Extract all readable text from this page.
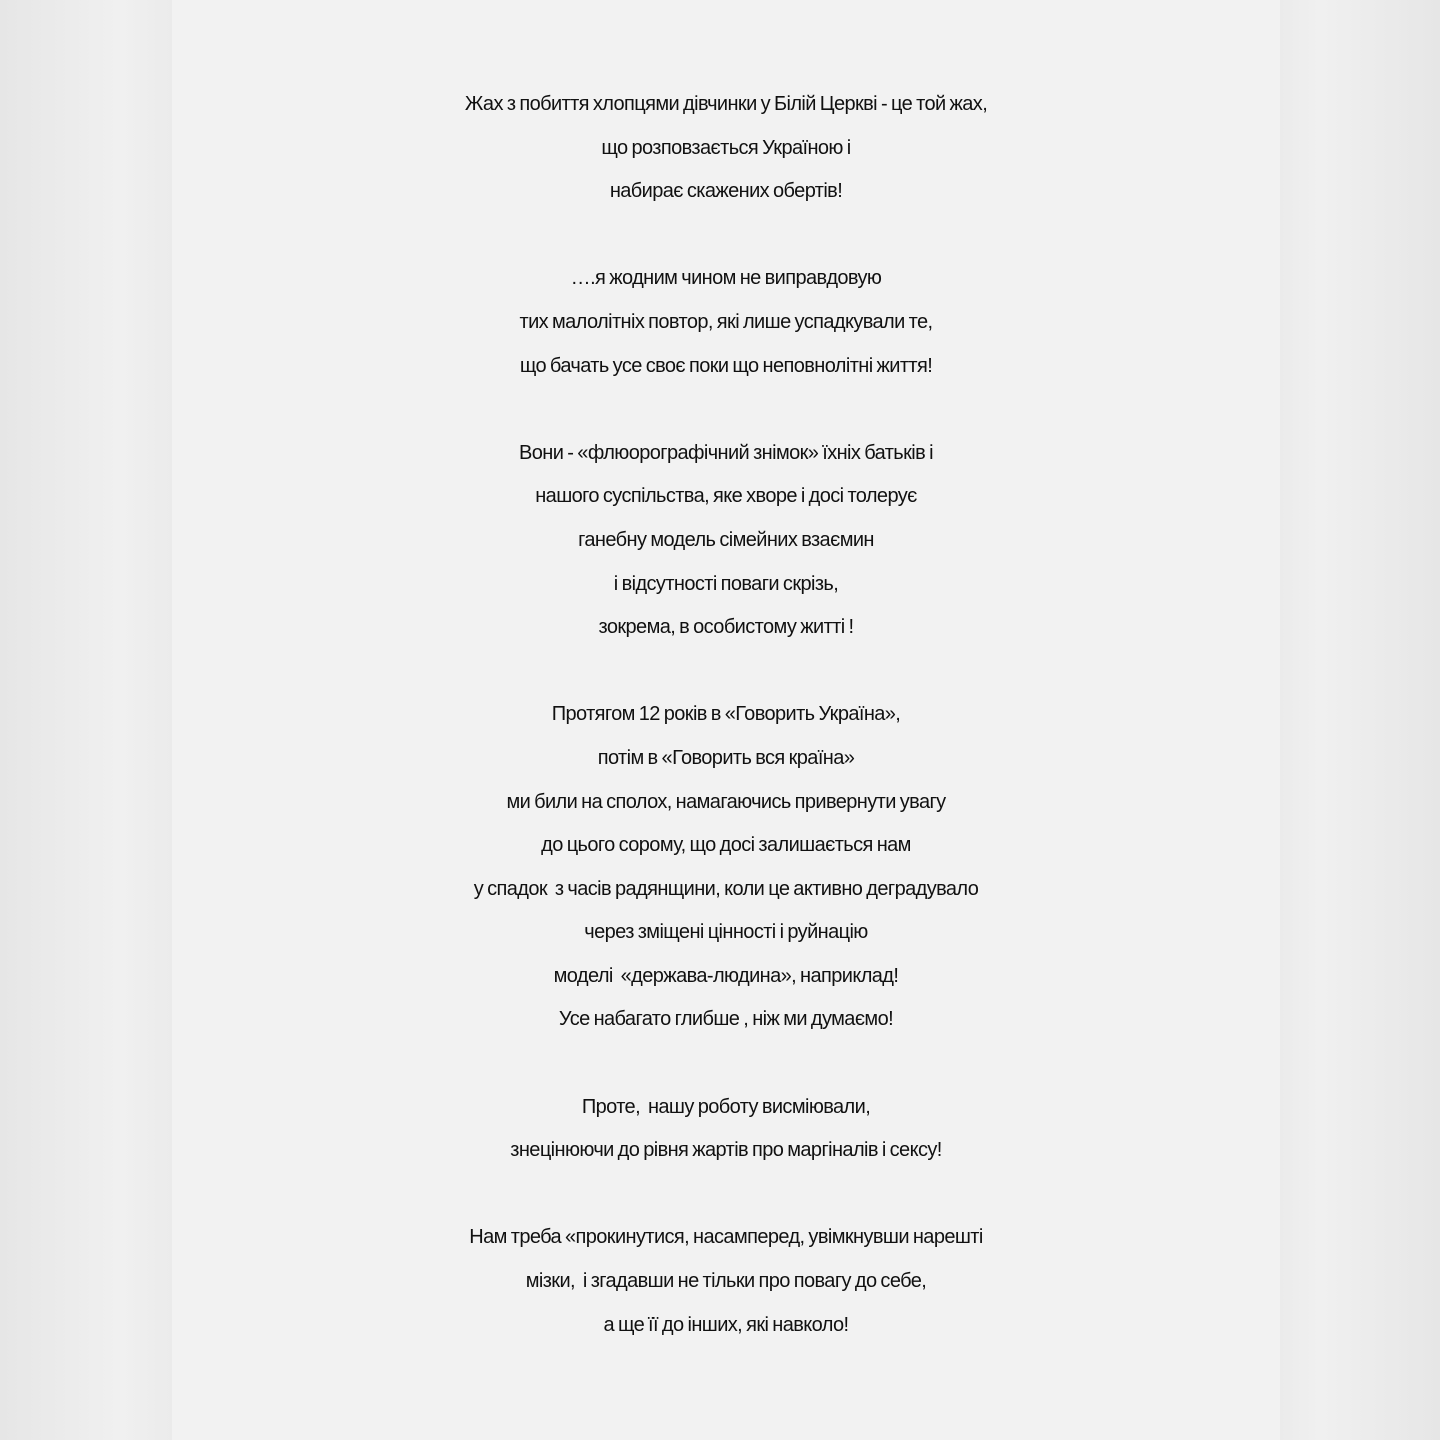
Жах з побиття хлопцями дівчинки у Білій Церкві - це той жах,
що розповзається Україною і
набирає скажених обертів!
….я жодним чином не виправдовую
тих малолітніх повтор, які лише успадкували те,
що бачать усе своє поки що неповнолітні життя!
Вони - «флюорографічний знімок» їхніх батьків і
нашого суспільства, яке хворе і досі толерує
ганебну модель сімейних взаємин
і відсутності поваги скрізь,
зокрема, в особистому житті !
Протягом 12 років в «Говорить Україна»,
потім в «Говорить вся країна»
ми били на сполох, намагаючись привернути увагу
до цього сорому, що досі залишається нам
у спадок  з часів радянщини, коли це активно деградувало
через зміщені цінності і руйнацію
моделі  «держава-людина», наприклад!
Усе набагато глибше , ніж ми думаємо!
Проте,  нашу роботу висміювали,
знецінюючи до рівня жартів про маргіналів і сексу!
Нам треба «прокинутися, насамперед, увімкнувши нарешті
мізки,  і згадавши не тільки про повагу до себе,
а ще її до інших, які навколо!
